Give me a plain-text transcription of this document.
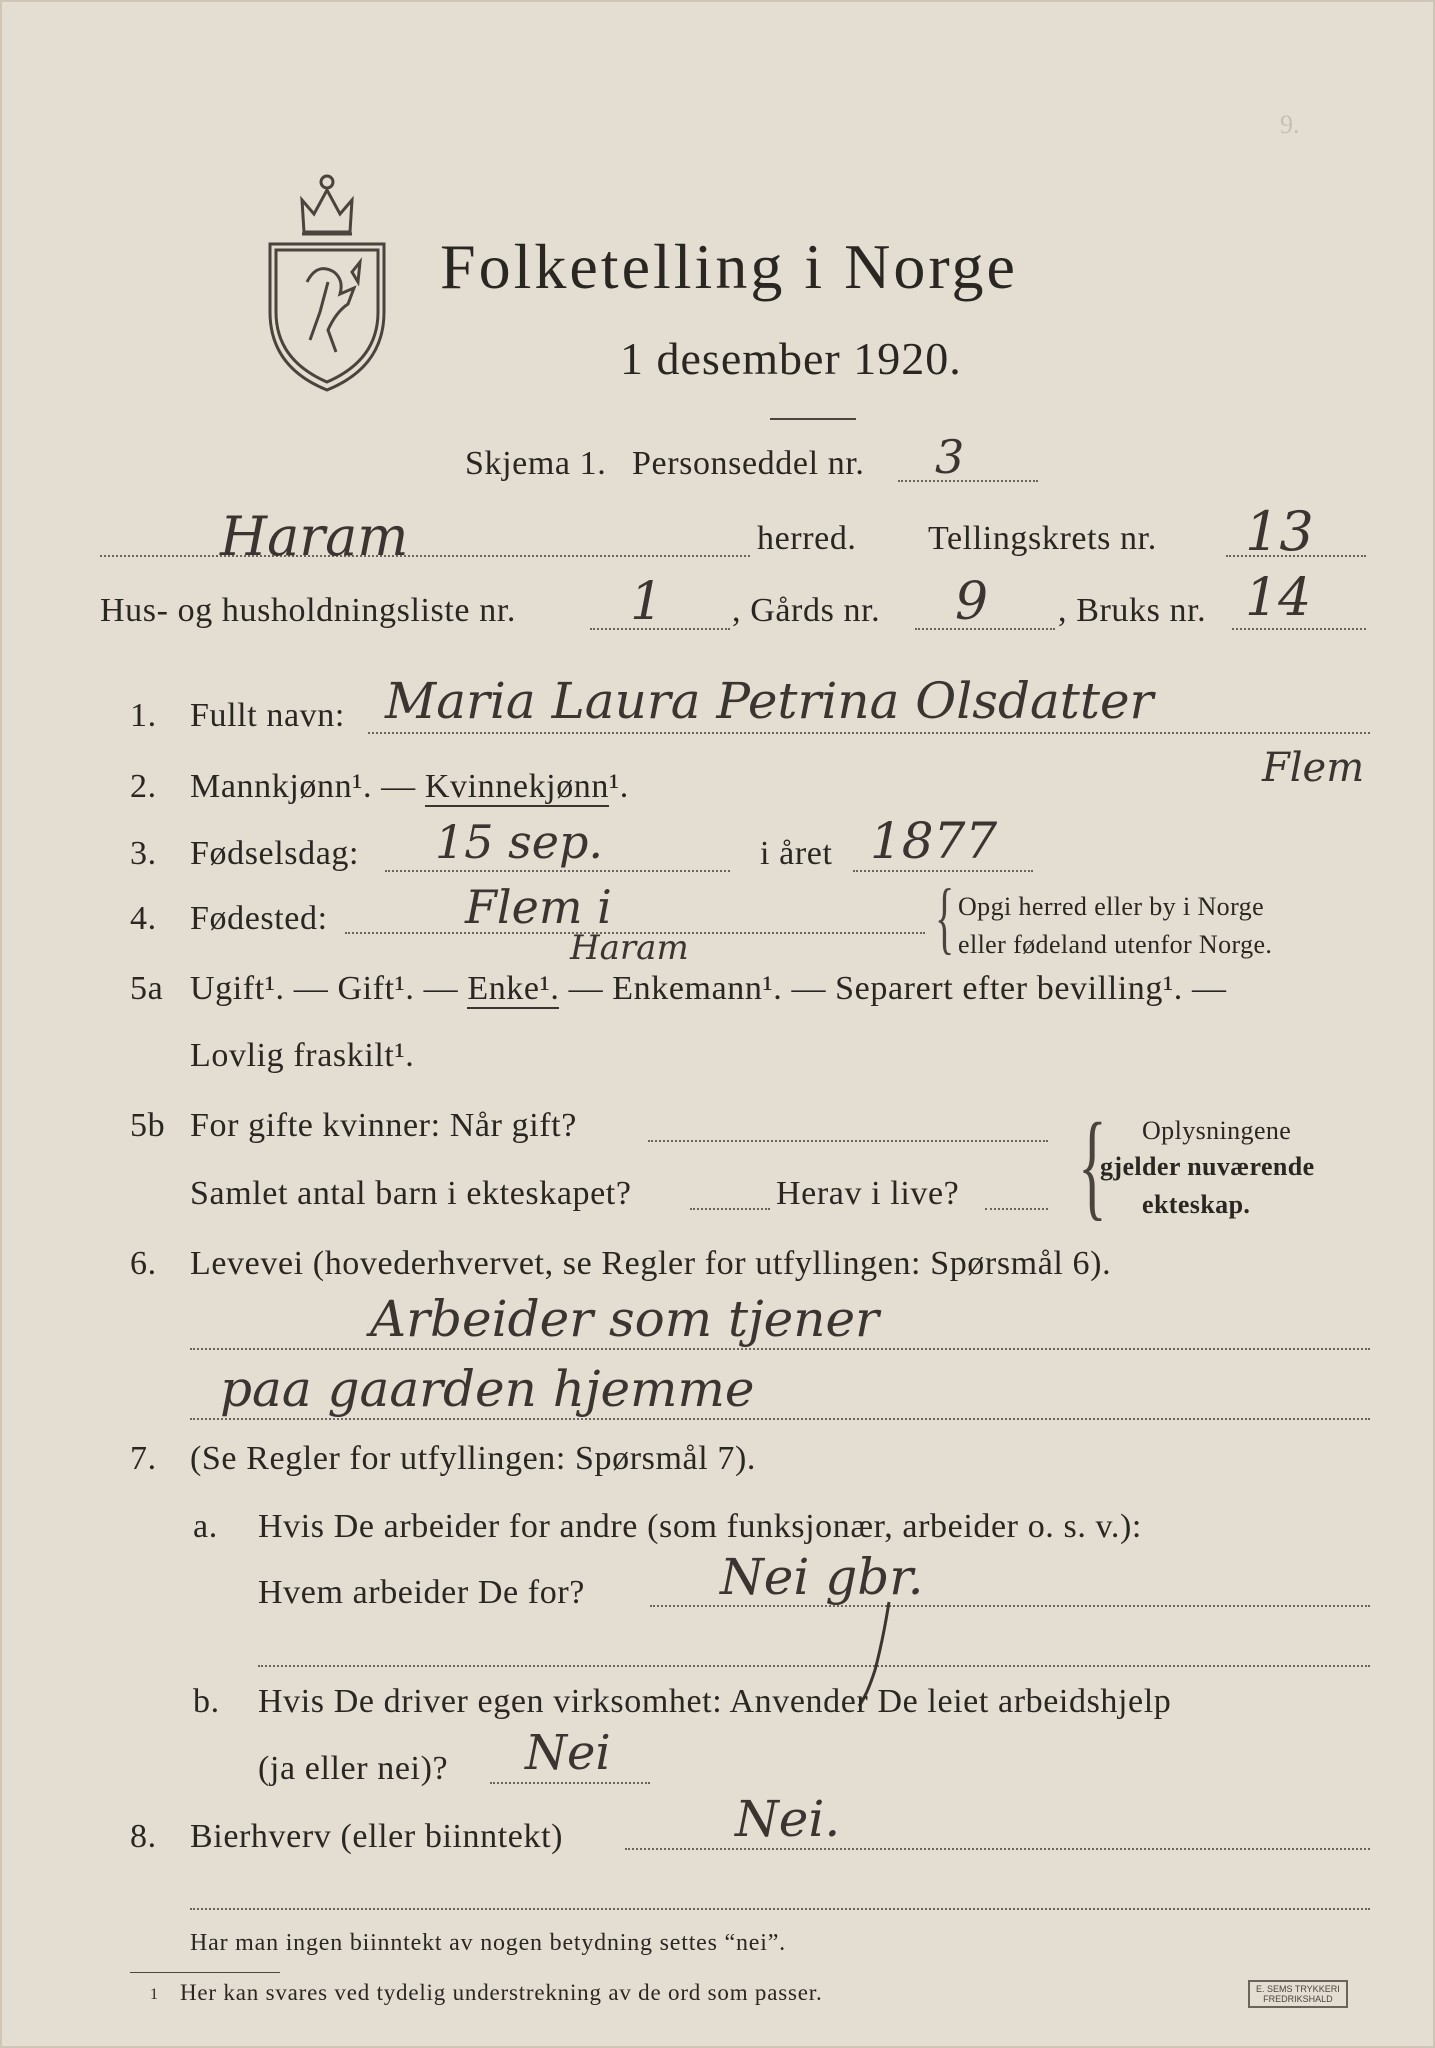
9.
Folketelling i Norge
1 desember 1920.
Skjema 1. Personseddel nr. 3
Haram	herred. Tellingskrets nr. 13
Hus- og husholdningsliste nr. 1 , Gårds nr. 9 , Bruks nr. 14
1. Fullt navn: Maria Laura Petrina Olsdatter
Flem
2. Mannkjønn¹. — Kvinnekjønn¹.
3. Fødselsdag: 15 sep.	i året 1877
4. Fødested:	Flem i
Haram	{ Opgi herred eller by i Norge
eller fødeland utenfor Norge.
5a Ugift¹. — Gift¹. — Enke¹. — Enkemann¹. — Separert efter bevilling¹. —
Lovlig fraskilt¹.
5b For gifte kvinner: Når gift?
Samlet antal barn i ekteskapet?	Herav i live? { Oplysningene
gjelder nuværende
ekteskap.
6. Levevei (hovederhvervet, se Regler for utfyllingen: Spørsmål 6).
Arbeider som tjener
paa gaarden hjemme
7. (Se Regler for utfyllingen: Spørsmål 7).
a. Hvis De arbeider for andre (som funksjonær, arbeider o. s. v.):
Hvem arbeider De for?	Nei gbr.
b. Hvis De driver egen virksomhet: Anvender De leiet arbeidshjelp
(ja eller nei)? Nei
8. Bierhverv (eller biinntekt)	Nei.
Har man ingen biinntekt av nogen betydning settes “nei”.
1 Her kan svares ved tydelig understrekning av de ord som passer.	E. SEMS TRYKKERI
FREDRIKSHALD
